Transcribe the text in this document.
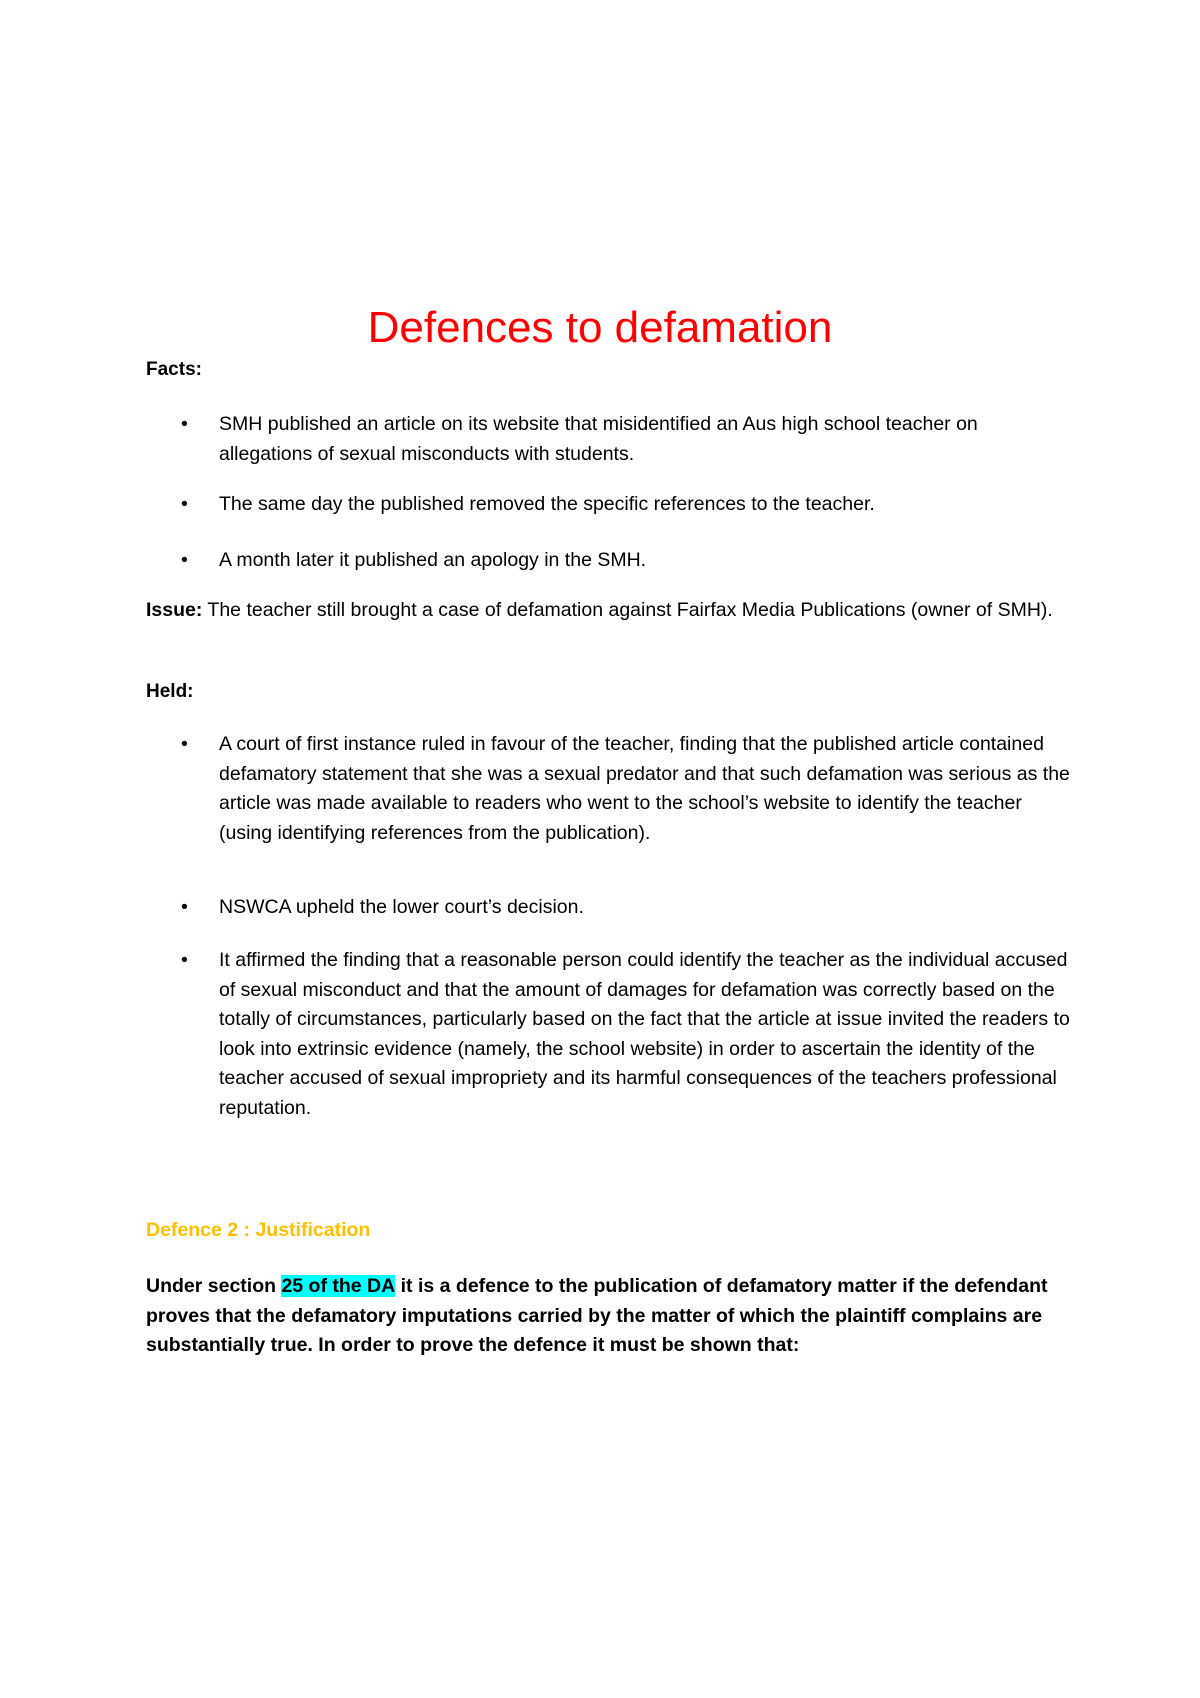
Defences to defamation
Facts:
•	SMH published an article on its website that misidentified an Aus high school teacher on allegations of sexual misconducts with students.
•	The same day the published removed the specific references to the teacher.
•	A month later it published an apology in the SMH.

Issue: The teacher still brought a case of defamation against Fairfax Media Publications (owner of SMH).

Held:
•	A court of first instance ruled in favour of the teacher, finding that the published article contained defamatory statement that she was a sexual predator and that such defamation was serious as the article was made available to readers who went to the school’s website to identify the teacher (using identifying references from the publication).
•	NSWCA upheld the lower court’s decision.
•	It affirmed the finding that a reasonable person could identify the teacher as the individual accused of sexual misconduct and that the amount of damages for defamation was correctly based on the totally of circumstances, particularly based on the fact that the article at issue invited the readers to look into extrinsic evidence (namely, the school website) in order to ascertain the identity of the teacher accused of sexual impropriety and its harmful consequences of the teachers professional reputation.
Defence 2 : Justification

Under section 25 of the DA it is a defence to the publication of defamatory matter if the defendant proves that the defamatory imputations carried by the matter of which the plaintiff complains are substantially true. In order to prove the defence it must be shown that:
